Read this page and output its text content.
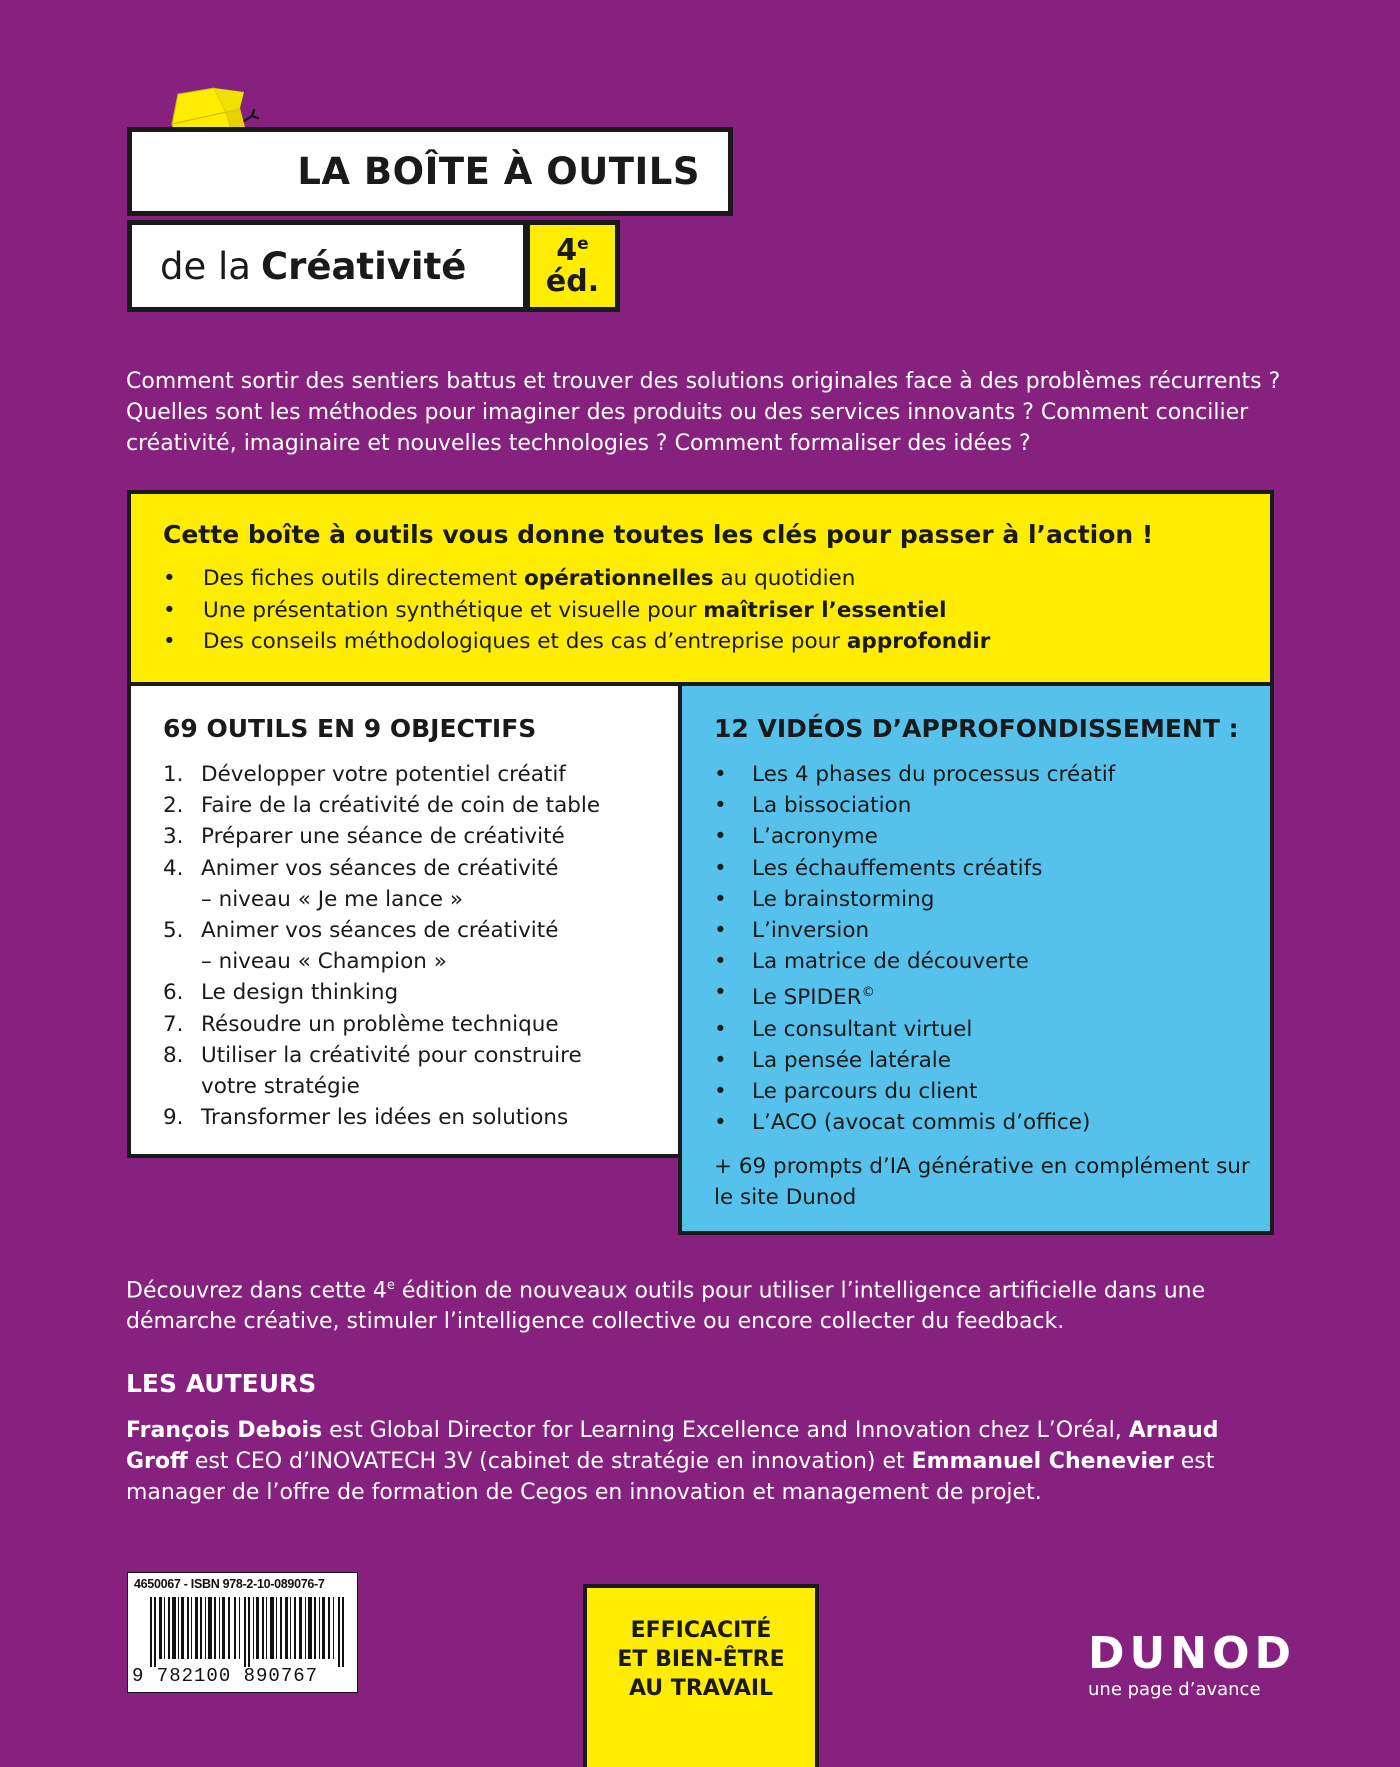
LA BOÎTE À OUTILS
de la Créativité	4e
éd.

Comment sortir des sentiers battus et trouver des solutions originales face à des problèmes récurrents ? Quelles sont les méthodes pour imaginer des produits ou des services innovants ? Comment concilier créativité, imaginaire et nouvelles technologies ? Comment formaliser des idées ?

Cette boîte à outils vous donne toutes les clés pour passer à l’action !
• Des fiches outils directement opérationnelles au quotidien
• Une présentation synthétique et visuelle pour maîtriser l’essentiel
• Des conseils méthodologiques et des cas d’entreprise pour approfondir
69 OUTILS EN 9 OBJECTIFS
1. Développer votre potentiel créatif
2. Faire de la créativité de coin de table
3. Préparer une séance de créativité
4. Animer vos séances de créativité
– niveau « Je me lance »
5. Animer vos séances de créativité
– niveau « Champion »
6. Le design thinking
7. Résoudre un problème technique
8. Utiliser la créativité pour construire
votre stratégie
9. Transformer les idées en solutions
12 VIDÉOS D’APPROFONDISSEMENT :
• Les 4 phases du processus créatif
• La bissociation
• L’acronyme
• Les échauffements créatifs
• Le brainstorming
• L’inversion
• La matrice de découverte
• Le SPIDER©
• Le consultant virtuel
• La pensée latérale
• Le parcours du client
• L’ACO (avocat commis d’office)
+ 69 prompts d’IA générative en complément sur le site Dunod

Découvrez dans cette 4e édition de nouveaux outils pour utiliser l’intelligence artificielle dans une démarche créative, stimuler l’intelligence collective ou encore collecter du feedback.

LES AUTEURS

François Debois est Global Director for Learning Excellence and Innovation chez L’Oréal, Arnaud Groff est CEO d’INOVATECH 3V (cabinet de stratégie en innovation) et Emmanuel Chenevier est manager de l’offre de formation de Cegos en innovation et management de projet.

4650067 - ISBN 978-2-10-089076-7
9 782100 890767
EFFICACITÉ
ET BIEN-ÊTRE
AU TRAVAIL
DUNOD
une page d’avance
